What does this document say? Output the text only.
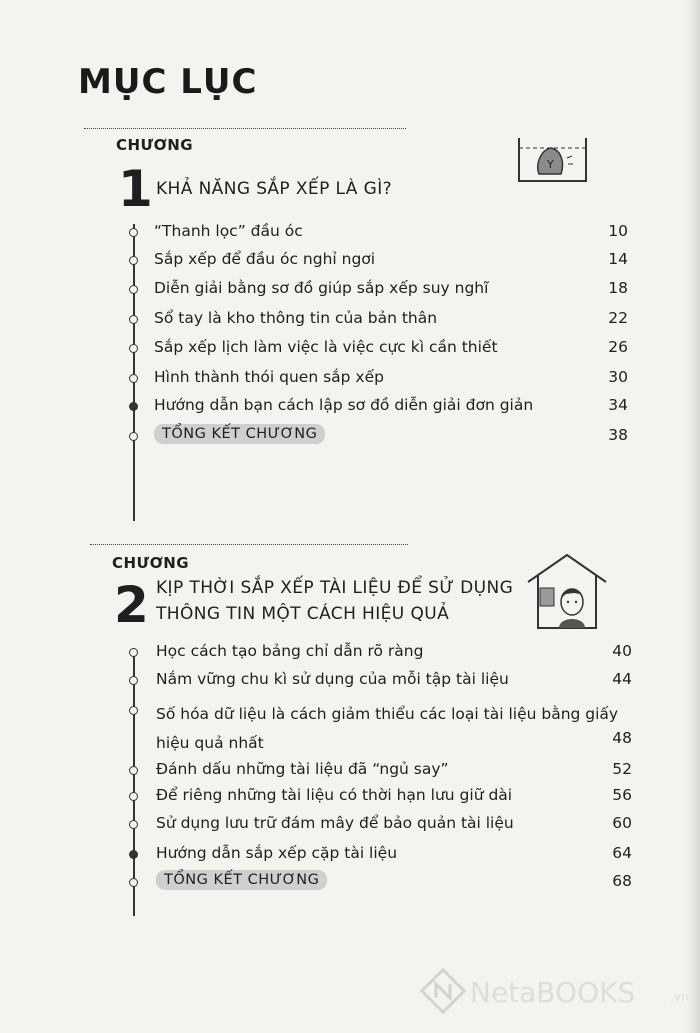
MỤC LỤC
CHƯƠNG
1 KHẢ NĂNG SẮP XẾP LÀ GÌ?
Y
“Thanh lọc” đầu óc	10
Sắp xếp để đầu óc nghỉ ngơi	14
Diễn giải bằng sơ đồ giúp sắp xếp suy nghĩ	18
Sổ tay là kho thông tin của bản thân	22
Sắp xếp lịch làm việc là việc cực kì cần thiết	26
Hình thành thói quen sắp xếp	30
Hướng dẫn bạn cách lập sơ đồ diễn giải đơn giản	34
TỔNG KẾT CHƯƠNG	38
CHƯƠNG
2 KỊP THỜI SẮP XẾP TÀI LIỆU ĐỂ SỬ DỤNG
THÔNG TIN MỘT CÁCH HIỆU QUẢ
Học cách tạo bảng chỉ dẫn rõ ràng	40
Nắm vững chu kì sử dụng của mỗi tập tài liệu	44
Số hóa dữ liệu là cách giảm thiểu các loại tài liệu bằng giấy hiệu quả nhất	48
Đánh dấu những tài liệu đã “ngủ say”	52
Để riêng những tài liệu có thời hạn lưu giữ dài	56
Sử dụng lưu trữ đám mây để bảo quản tài liệu	60
Hướng dẫn sắp xếp cặp tài liệu	64
TỔNG KẾT CHƯƠNG	68
NetaBOOKS	.vn
